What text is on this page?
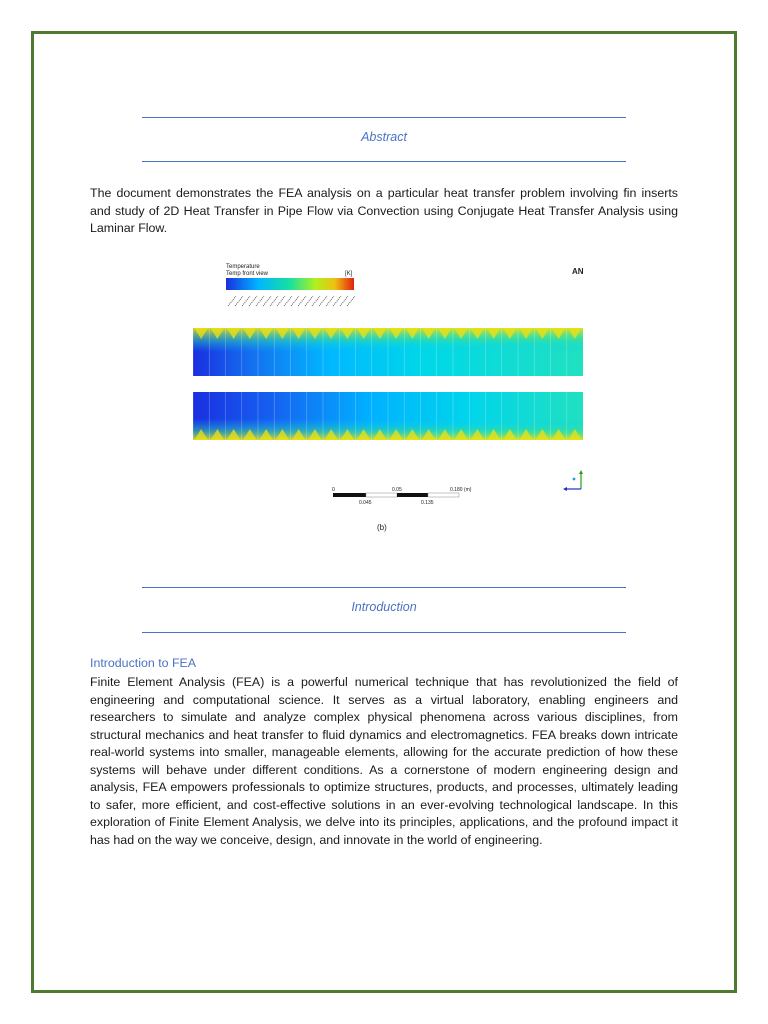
Abstract

The document demonstrates the FEA analysis on a particular heat transfer problem involving fin inserts and study of 2D Heat Transfer in Pipe Flow via Convection using Conjugate Heat Transfer Analysis using Laminar Flow.

Temperature
Temp front view	[K]	AN
0	0.05	0.180 (m)
0.045	0.135
(b)
Introduction
Introduction to FEA

Finite Element Analysis (FEA) is a powerful numerical technique that has revolutionized the field of engineering and computational science. It serves as a virtual laboratory, enabling engineers and researchers to simulate and analyze complex physical phenomena across various disciplines, from structural mechanics and heat transfer to fluid dynamics and electromagnetics. FEA breaks down intricate real-world systems into smaller, manageable elements, allowing for the accurate prediction of how these systems will behave under different conditions. As a cornerstone of modern engineering design and analysis, FEA empowers professionals to optimize structures, products, and processes, ultimately leading to safer, more efficient, and cost-effective solutions in an ever-evolving technological landscape. In this exploration of Finite Element Analysis, we delve into its principles, applications, and the profound impact it has had on the way we conceive, design, and innovate in the world of engineering.
